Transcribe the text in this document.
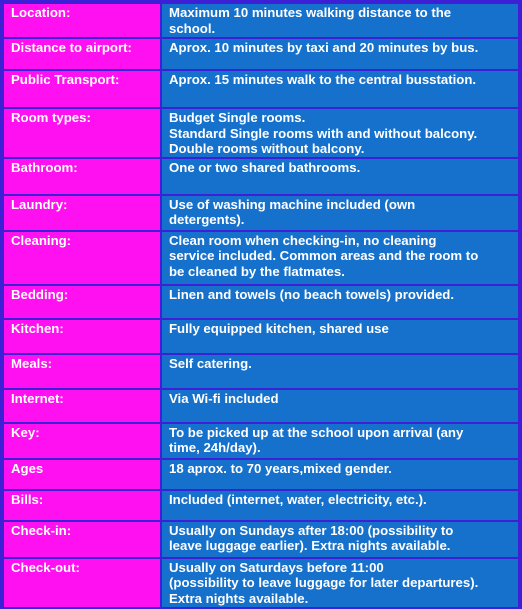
Location:	Maximum 10 minutes walking distance to the
school.
Distance to airport:	Aprox. 10 minutes by taxi and 20 minutes by bus.
Public Transport:	Aprox. 15 minutes walk to the central busstation.
Room types:	Budget Single rooms.
Standard Single rooms with and without balcony.
Double rooms without balcony.
Bathroom:	One or two shared bathrooms.
Laundry:	Use of washing machine included (own
detergents).
Cleaning:	Clean room when checking-in, no cleaning
service included. Common areas and the room to
be cleaned by the flatmates.
Bedding:	Linen and towels (no beach towels) provided.
Kitchen:	Fully equipped kitchen, shared use
Meals:	Self catering.
Internet:	Via Wi-fi included
Key:	To be picked up at the school upon arrival (any
time, 24h/day).
Ages	18 aprox. to 70 years,mixed gender.
Bills:	Included (internet, water, electricity, etc.).
Check-in:	Usually on Sundays after 18:00 (possibility to
leave luggage earlier). Extra nights available.
Check-out:	Usually on Saturdays before 11:00
(possibility to leave luggage for later departures).
Extra nights available.
